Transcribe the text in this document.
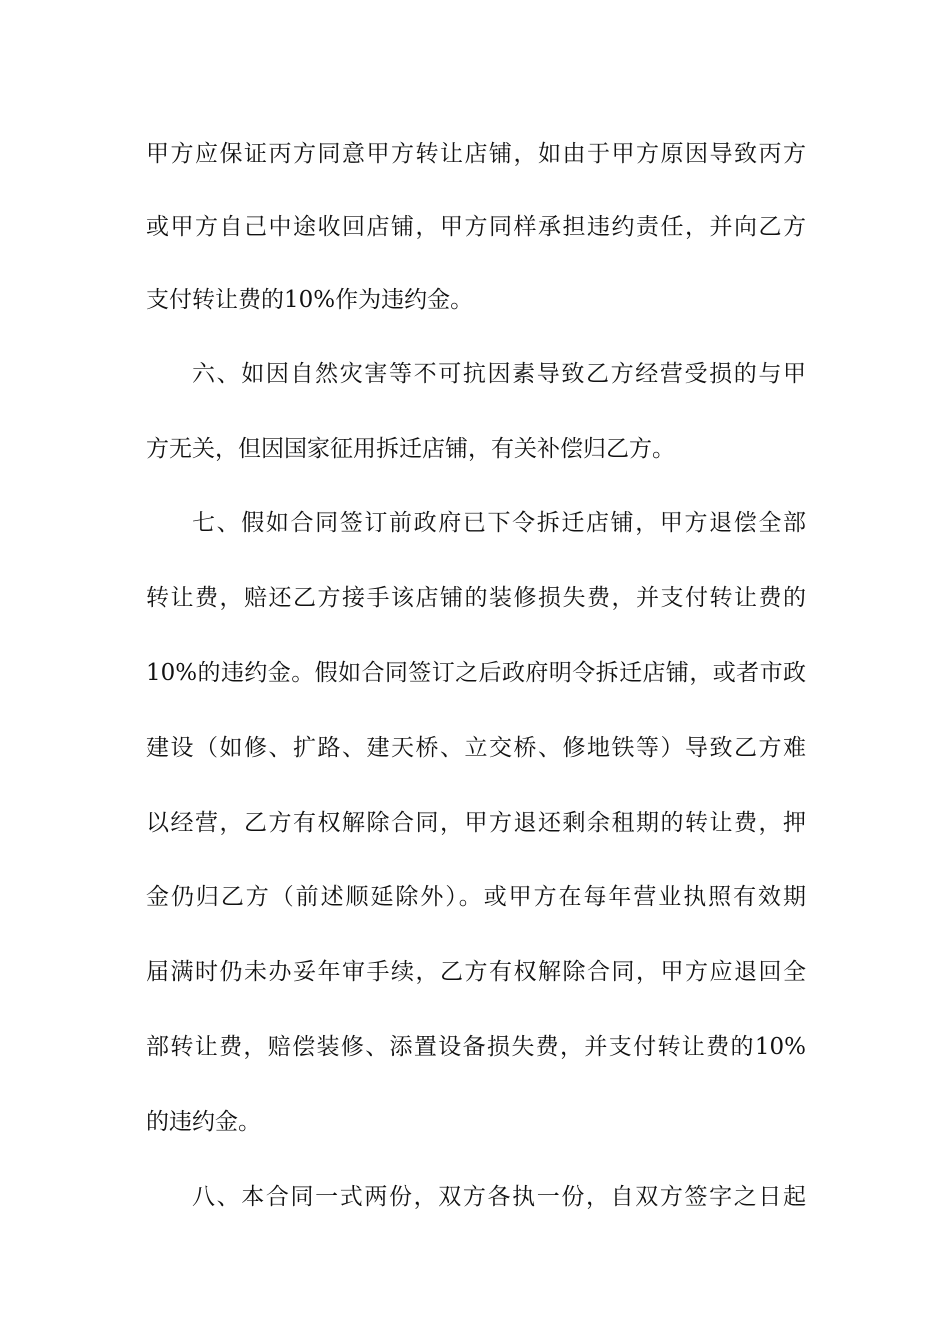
甲方应保证丙方同意甲方转让店铺，如由于甲方原因导致丙方
或甲方自己中途收回店铺，甲方同样承担违约责任，并向乙方
支付转让费的10%作为违约金。
六、如因自然灾害等不可抗因素导致乙方经营受损的与甲
方无关，但因国家征用拆迁店铺，有关补偿归乙方。
七、假如合同签订前政府已下令拆迁店铺，甲方退偿全部
转让费，赔还乙方接手该店铺的装修损失费，并支付转让费的
10%的违约金。假如合同签订之后政府明令拆迁店铺，或者市政
建设（如修、扩路、建天桥、立交桥、修地铁等）导致乙方难
以经营，乙方有权解除合同，甲方退还剩余租期的转让费，押
金仍归乙方（前述顺延除外）。或甲方在每年营业执照有效期
届满时仍未办妥年审手续，乙方有权解除合同，甲方应退回全
部转让费，赔偿装修、添置设备损失费，并支付转让费的10%
的违约金。
八、本合同一式两份，双方各执一份，自双方签字之日起
